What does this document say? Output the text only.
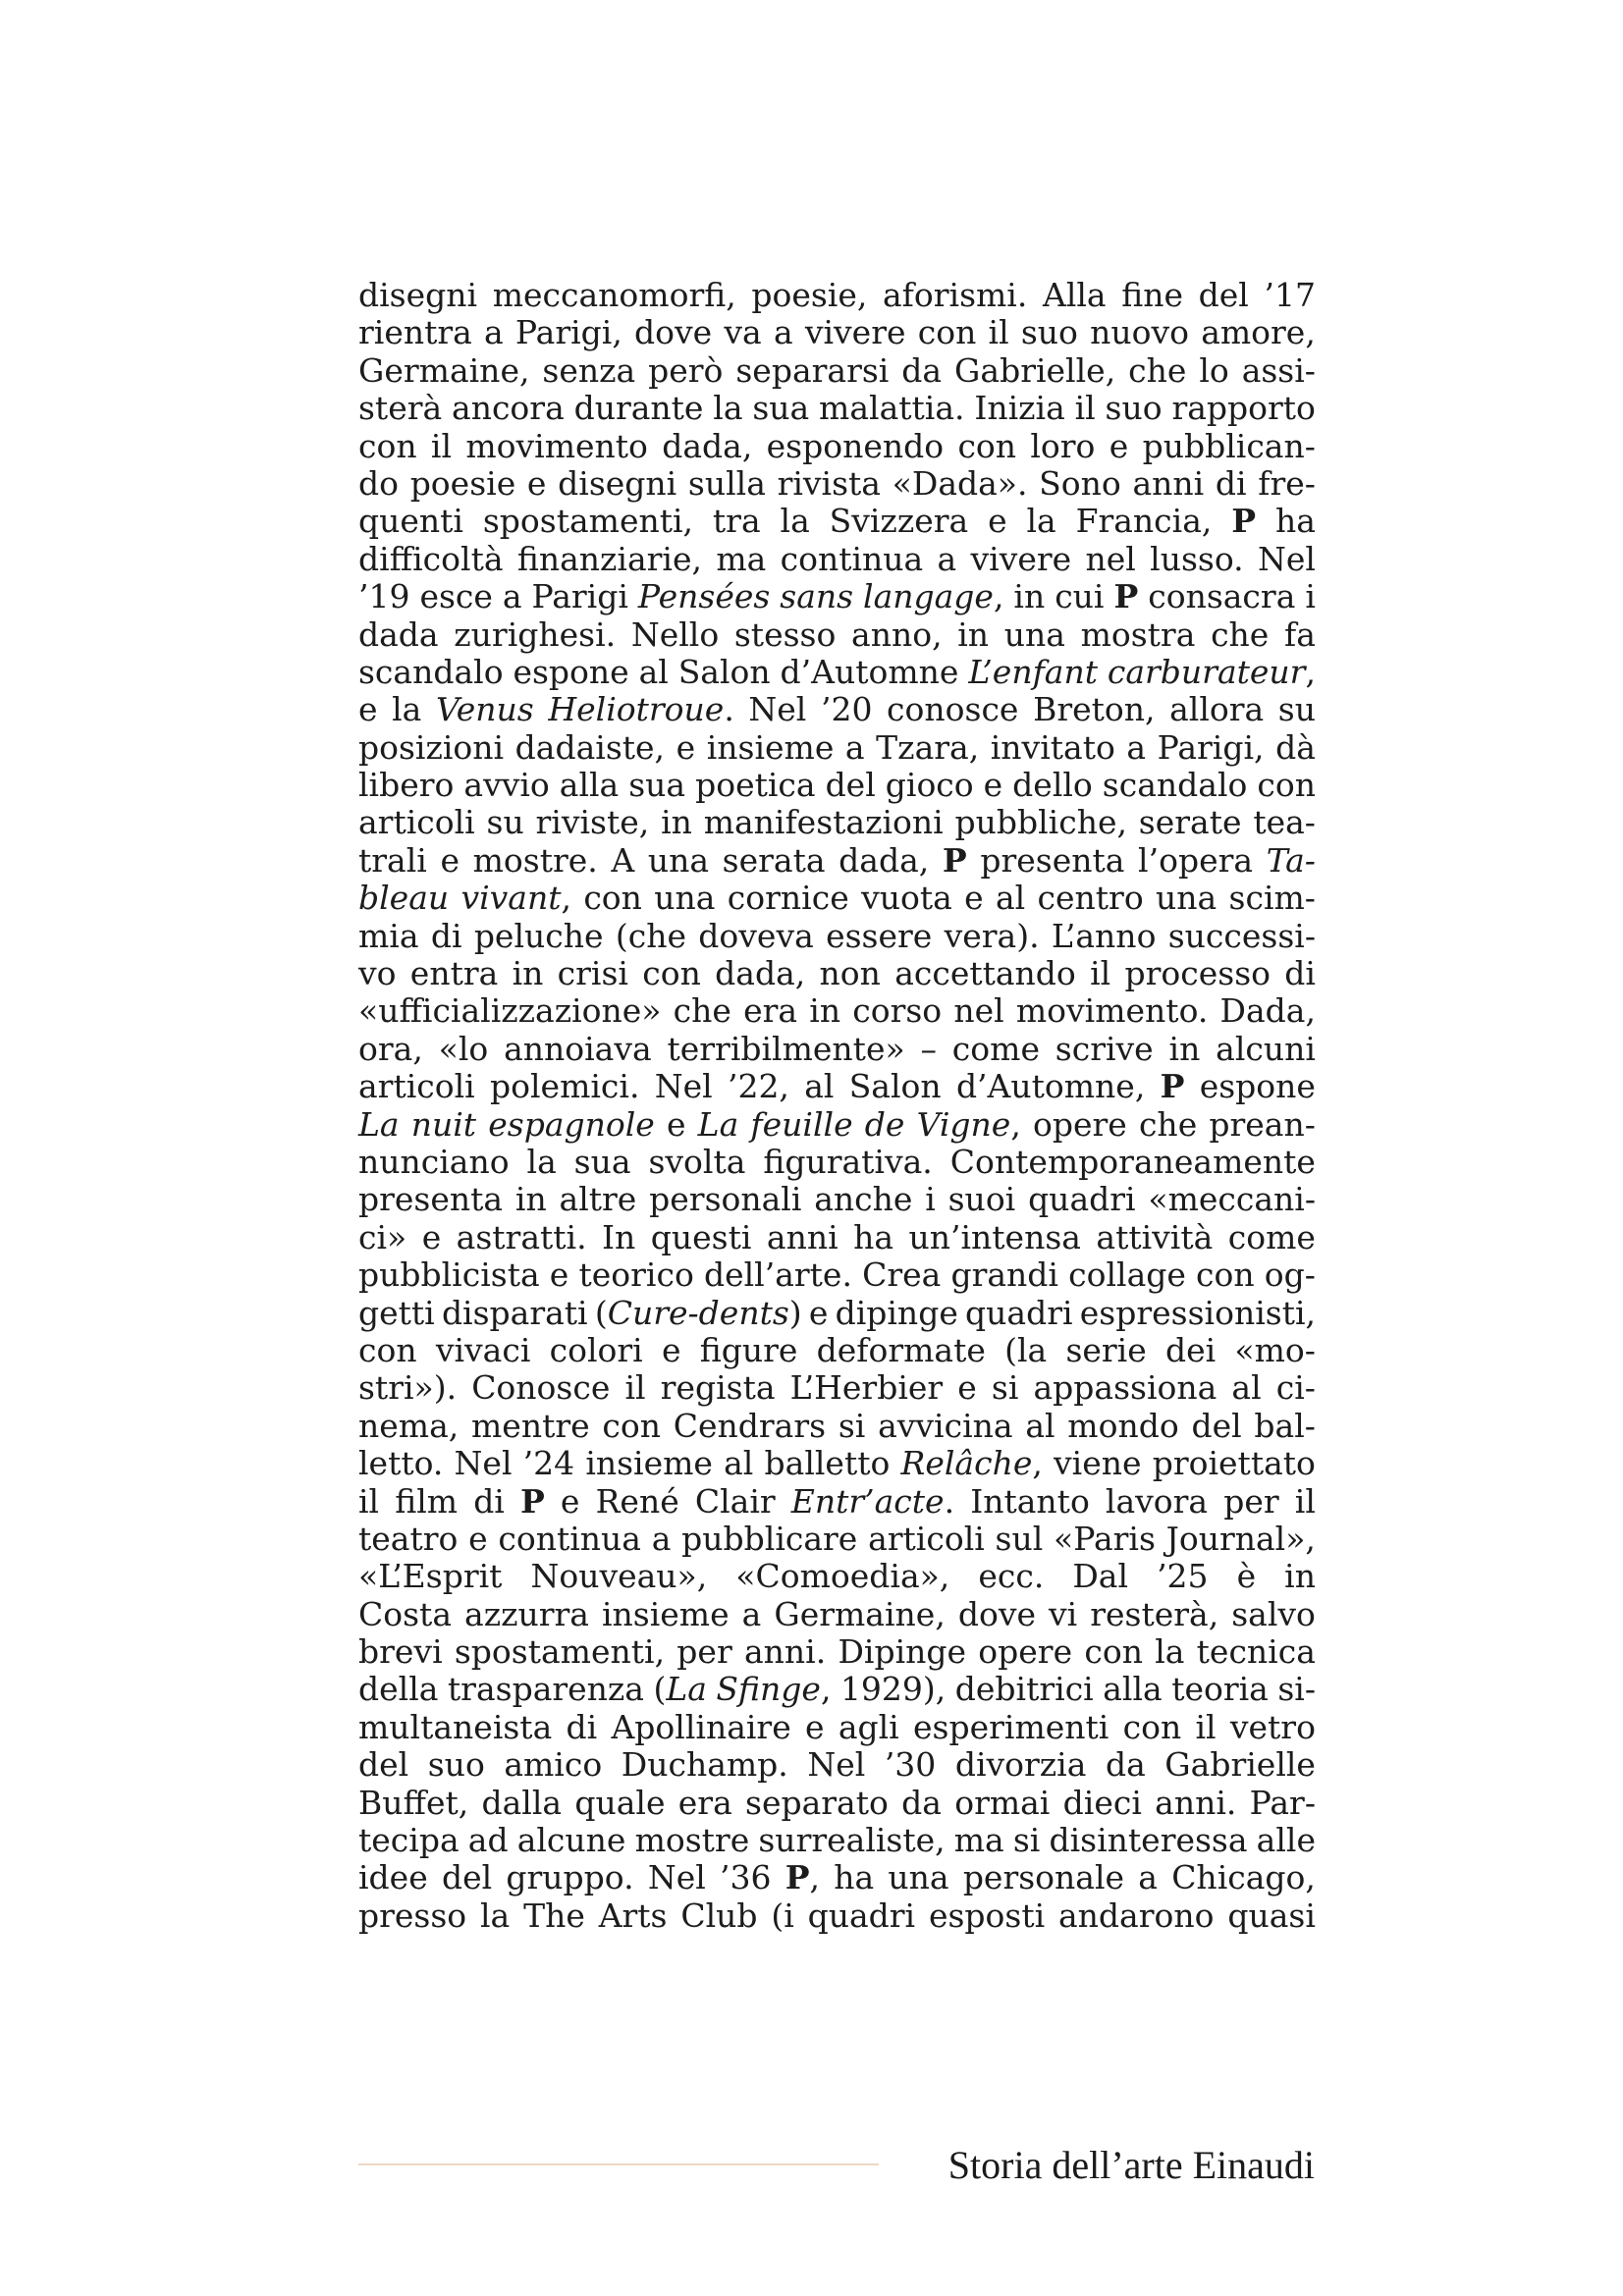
disegni meccanomorfi, poesie, aforismi. Alla fine del ’17
rientra a Parigi, dove va a vivere con il suo nuovo amore,
Germaine, senza però separarsi da Gabrielle, che lo assi-
sterà ancora durante la sua malattia. Inizia il suo rapporto
con il movimento dada, esponendo con loro e pubblican-
do poesie e disegni sulla rivista «Dada». Sono anni di fre-
quenti spostamenti, tra la Svizzera e la Francia, P ha
difficoltà finanziarie, ma continua a vivere nel lusso. Nel
’19 esce a Parigi Pensées sans langage, in cui P consacra i
dada zurighesi. Nello stesso anno, in una mostra che fa
scandalo espone al Salon d’Automne L’enfant carburateur,
e la Venus Heliotroue. Nel ’20 conosce Breton, allora su
posizioni dadaiste, e insieme a Tzara, invitato a Parigi, dà
libero avvio alla sua poetica del gioco e dello scandalo con
articoli su riviste, in manifestazioni pubbliche, serate tea-
trali e mostre. A una serata dada, P presenta l’opera Ta-
bleau vivant, con una cornice vuota e al centro una scim-
mia di peluche (che doveva essere vera). L’anno successi-
vo entra in crisi con dada, non accettando il processo di
«ufficializzazione» che era in corso nel movimento. Dada,
ora, «lo annoiava terribilmente» – come scrive in alcuni
articoli polemici. Nel ’22, al Salon d’Automne, P espone
La nuit espagnole e La feuille de Vigne, opere che prean-
nunciano la sua svolta figurativa. Contemporaneamente
presenta in altre personali anche i suoi quadri «meccani-
ci» e astratti. In questi anni ha un’intensa attività come
pubblicista e teorico dell’arte. Crea grandi collage con og-
getti disparati (Cure-dents) e dipinge quadri espressionisti,
con vivaci colori e figure deformate (la serie dei «mo-
stri»). Conosce il regista L’Herbier e si appassiona al ci-
nema, mentre con Cendrars si avvicina al mondo del bal-
letto. Nel ’24 insieme al balletto Relâche, viene proiettato
il film di P e René Clair Entr’acte. Intanto lavora per il
teatro e continua a pubblicare articoli sul «Paris Journal»,
«L’Esprit Nouveau», «Comoedia», ecc. Dal ’25 è in
Costa azzurra insieme a Germaine, dove vi resterà, salvo
brevi spostamenti, per anni. Dipinge opere con la tecnica
della trasparenza (La Sfinge, 1929), debitrici alla teoria si-
multaneista di Apollinaire e agli esperimenti con il vetro
del suo amico Duchamp. Nel ’30 divorzia da Gabrielle
Buffet, dalla quale era separato da ormai dieci anni. Par-
tecipa ad alcune mostre surrealiste, ma si disinteressa alle
idee del gruppo. Nel ’36 P, ha una personale a Chicago,
presso la The Arts Club (i quadri esposti andarono quasi
Storia dell’arte Einaudi
